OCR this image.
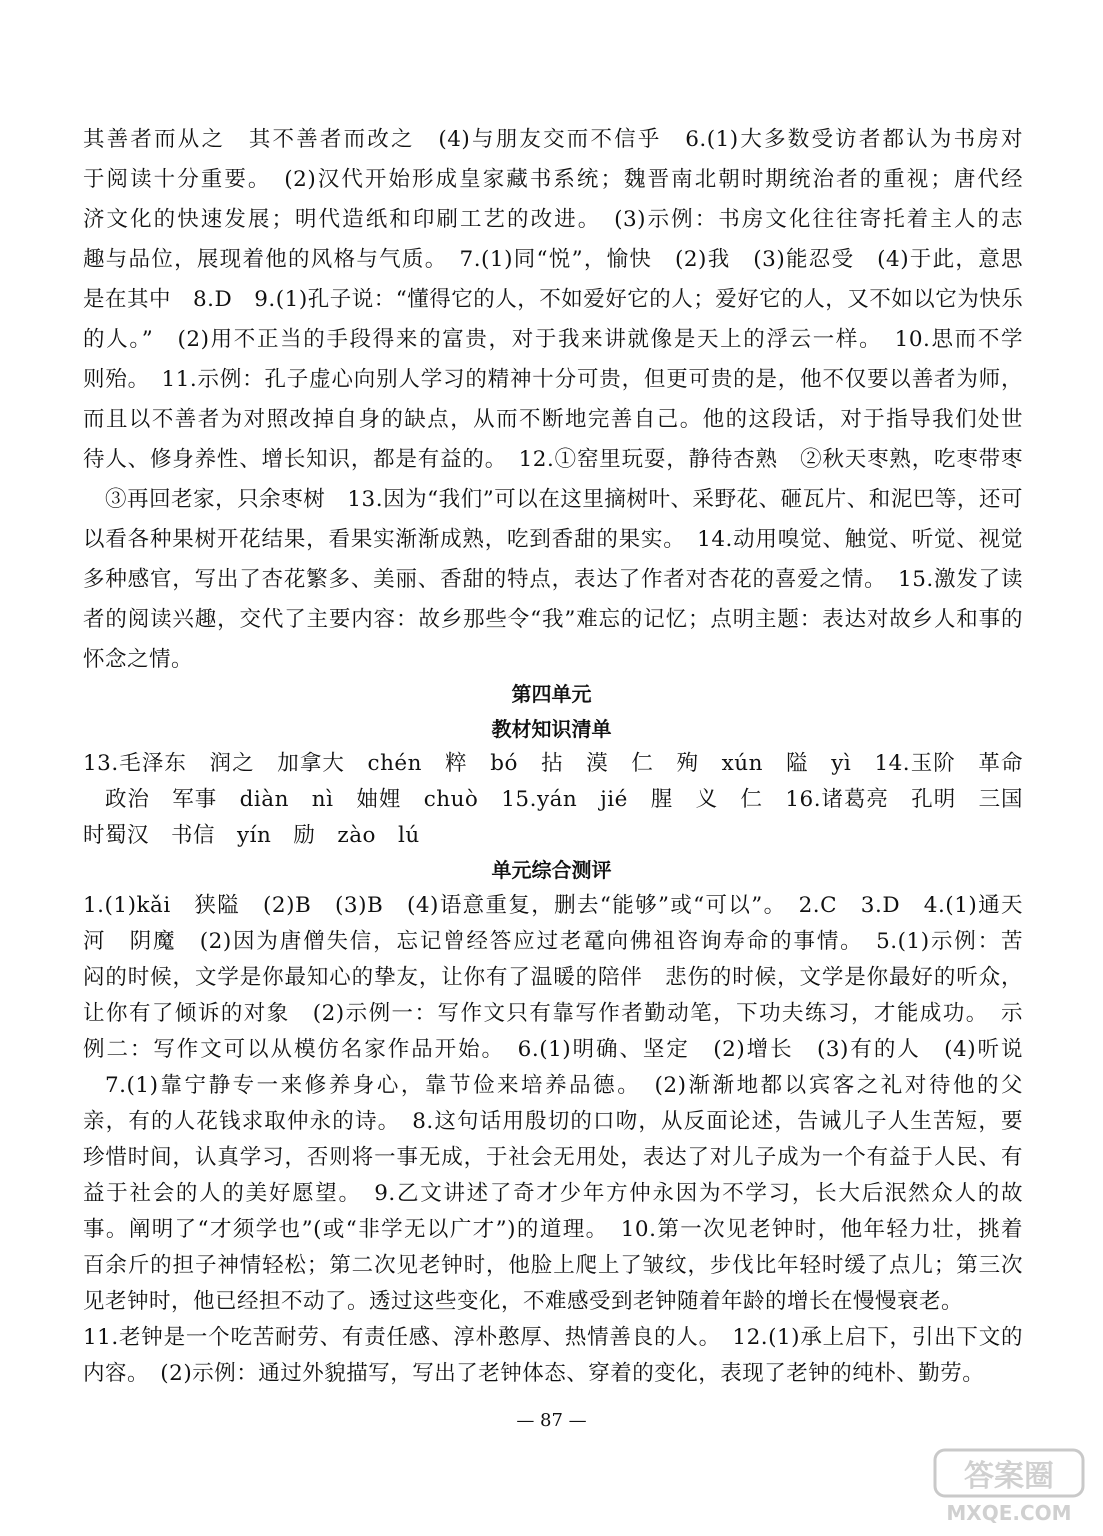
其善者而从之　其不善者而改之　(4)与朋友交而不信乎　6.(1)大多数受访者都认为书房对
于阅读十分重要。　(2)汉代开始形成皇家藏书系统；魏晋南北朝时期统治者的重视；唐代经
济文化的快速发展；明代造纸和印刷工艺的改进。　(3)示例：书房文化往往寄托着主人的志
趣与品位，展现着他的风格与气质。　7.(1)同“悦”，愉快　(2)我　(3)能忍受　(4)于此，意思
是在其中　8.D　9.(1)孔子说：“懂得它的人，不如爱好它的人；爱好它的人，又不如以它为快乐
的人。”　(2)用不正当的手段得来的富贵，对于我来讲就像是天上的浮云一样。　10.思而不学
则殆。　11.示例：孔子虚心向别人学习的精神十分可贵，但更可贵的是，他不仅要以善者为师，
而且以不善者为对照改掉自身的缺点，从而不断地完善自己。他的这段话，对于指导我们处世
待人、修身养性、增长知识，都是有益的。　12.①窑里玩耍，静待杏熟　②秋天枣熟，吃枣带枣
③再回老家，只余枣树　13.因为“我们”可以在这里摘树叶、采野花、砸瓦片、和泥巴等，还可
以看各种果树开花结果，看果实渐渐成熟，吃到香甜的果实。　14.动用嗅觉、触觉、听觉、视觉
多种感官，写出了杏花繁多、美丽、香甜的特点，表达了作者对杏花的喜爱之情。　15.激发了读
者的阅读兴趣，交代了主要内容：故乡那些令“我”难忘的记忆；点明主题：表达对故乡人和事的
怀念之情。
第四单元
教材知识清单
13.毛泽东　润之　加拿大　chén　粹　bó　拈　漠　仁　殉　xún　隘　yì　14.玉阶　革命
政治　军事　diàn　nì　妯娌　chuò　15.yán　jié　腥　义　仁　16.诸葛亮　孔明　三国
时蜀汉　书信　yín　励　zào　lú
单元综合测评
1.(1)kǎi　狭隘　(2)B　(3)B　(4)语意重复，删去“能够”或“可以”。　2.C　3.D　4.(1)通天
河　阴魔　(2)因为唐僧失信，忘记曾经答应过老鼋向佛祖咨询寿命的事情。　5.(1)示例：苦
闷的时候，文学是你最知心的挚友，让你有了温暖的陪伴　悲伤的时候，文学是你最好的听众，
让你有了倾诉的对象　(2)示例一：写作文只有靠写作者勤动笔，下功夫练习，才能成功。　示
例二：写作文可以从模仿名家作品开始。　6.(1)明确、坚定　(2)增长　(3)有的人　(4)听说
7.(1)靠宁静专一来修养身心，靠节俭来培养品德。　(2)渐渐地都以宾客之礼对待他的父
亲，有的人花钱求取仲永的诗。　8.这句话用殷切的口吻，从反面论述，告诫儿子人生苦短，要
珍惜时间，认真学习，否则将一事无成，于社会无用处，表达了对儿子成为一个有益于人民、有
益于社会的人的美好愿望。　9.乙文讲述了奇才少年方仲永因为不学习，长大后泯然众人的故
事。阐明了“才须学也”(或“非学无以广才”)的道理。　10.第一次见老钟时，他年轻力壮，挑着
百余斤的担子神情轻松；第二次见老钟时，他脸上爬上了皱纹，步伐比年轻时缓了点儿；第三次
见老钟时，他已经担不动了。透过这些变化，不难感受到老钟随着年龄的增长在慢慢衰老。
11.老钟是一个吃苦耐劳、有责任感、淳朴憨厚、热情善良的人。　12.(1)承上启下，引出下文的
内容。　(2)示例：通过外貌描写，写出了老钟体态、穿着的变化，表现了老钟的纯朴、勤劳。
— 87 —
答案圈
MXQE.COM
